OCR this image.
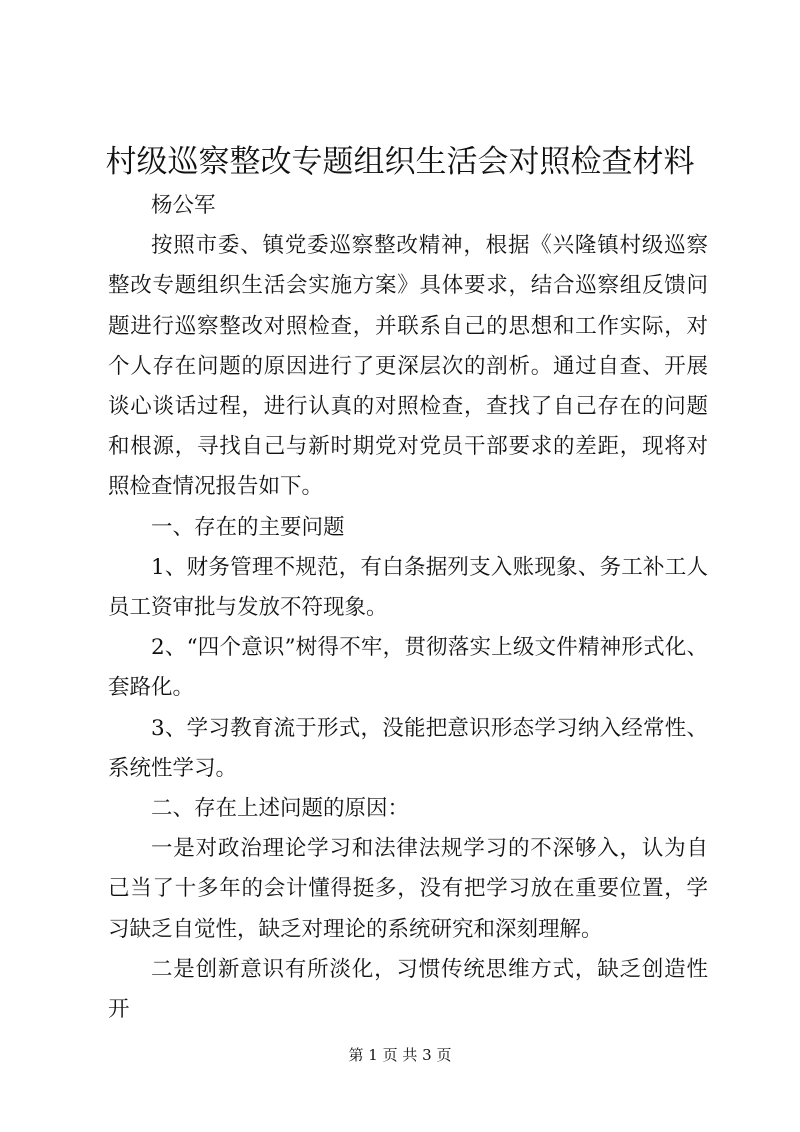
村级巡察整改专题组织生活会对照检查材料

杨公军

按照市委、镇党委巡察整改精神，根据《兴隆镇村级巡察整改专题组织生活会实施方案》具体要求，结合巡察组反馈问题进行巡察整改对照检查，并联系自己的思想和工作实际，对个人存在问题的原因进行了更深层次的剖析。通过自查、开展谈心谈话过程，进行认真的对照检查，查找了自己存在的问题和根源，寻找自己与新时期党对党员干部要求的差距，现将对照检查情况报告如下。

一、存在的主要问题

1、财务管理不规范，有白条据列支入账现象、务工补工人员工资审批与发放不符现象。

2、“四个意识”树得不牢，贯彻落实上级文件精神形式化、套路化。

3、学习教育流于形式，没能把意识形态学习纳入经常性、系统性学习。

二、存在上述问题的原因：

一是对政治理论学习和法律法规学习的不深够入，认为自己当了十多年的会计懂得挺多，没有把学习放在重要位置，学习缺乏自觉性，缺乏对理论的系统研究和深刻理解。

二是创新意识有所淡化，习惯传统思维方式，缺乏创造性开

第 1 页 共 3 页
